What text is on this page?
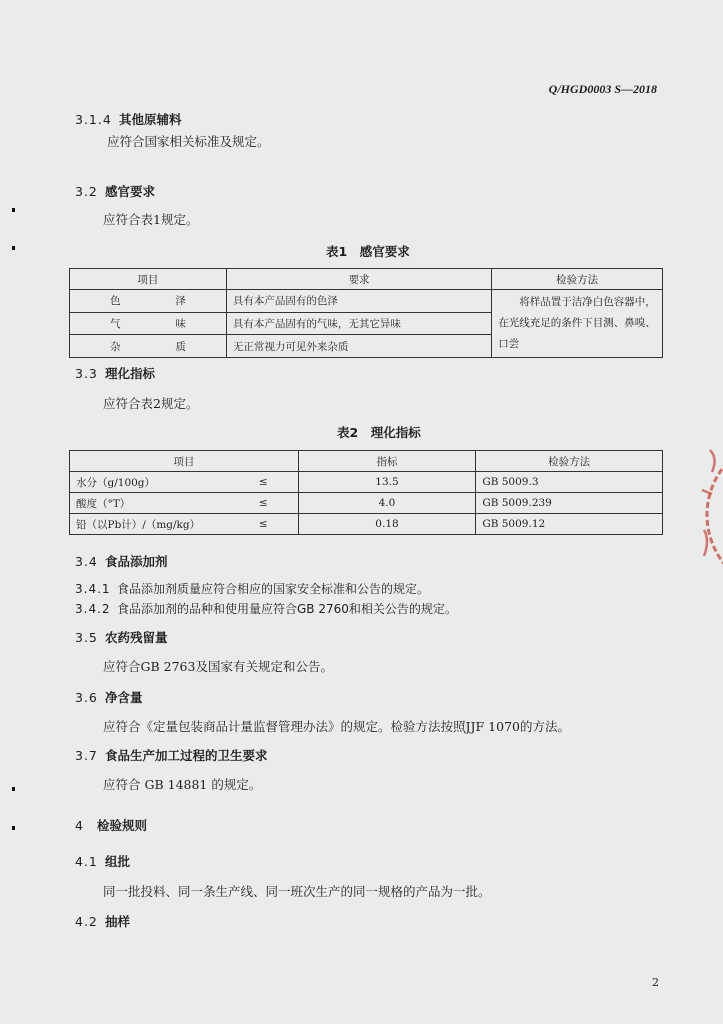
Q/HGD0003 S—2018
3.1.4 其他原辅料
应符合国家相关标准及规定。
3.2 感官要求
应符合表1规定。
表1　感官要求
项目	要求	检验方法
色泽	具有本产品固有的色泽	将样品置于洁净白色容器中，在光线充足的条件下目测、鼻嗅、口尝

气味	具有本产品固有的气味，无其它异味	
杂质	无正常视力可见外来杂质	
3.3 理化指标
应符合表2规定。
表2　理化指标
项目		指标	检验方法
水分（g/100g）	≤	13.5	GB 5009.3
酸度（°T）	≤	4.0	GB 5009.239
铅（以Pb计）/（mg/kg）	≤	0.18	GB 5009.12
3.4 食品添加剂
3.4.1 食品添加剂质量应符合相应的国家安全标准和公告的规定。
3.4.2 食品添加剂的品种和使用量应符合GB 2760和相关公告的规定。
3.5 农药残留量
应符合GB 2763及国家有关规定和公告。
3.6 净含量
应符合《定量包装商品计量监督管理办法》的规定。检验方法按照JJF 1070的方法。
3.7 食品生产加工过程的卫生要求
应符合 GB 14881 的规定。
4 检验规则
4.1 组批
同一批投料、同一条生产线、同一班次生产的同一规格的产品为一批。
4.2 抽样
2
